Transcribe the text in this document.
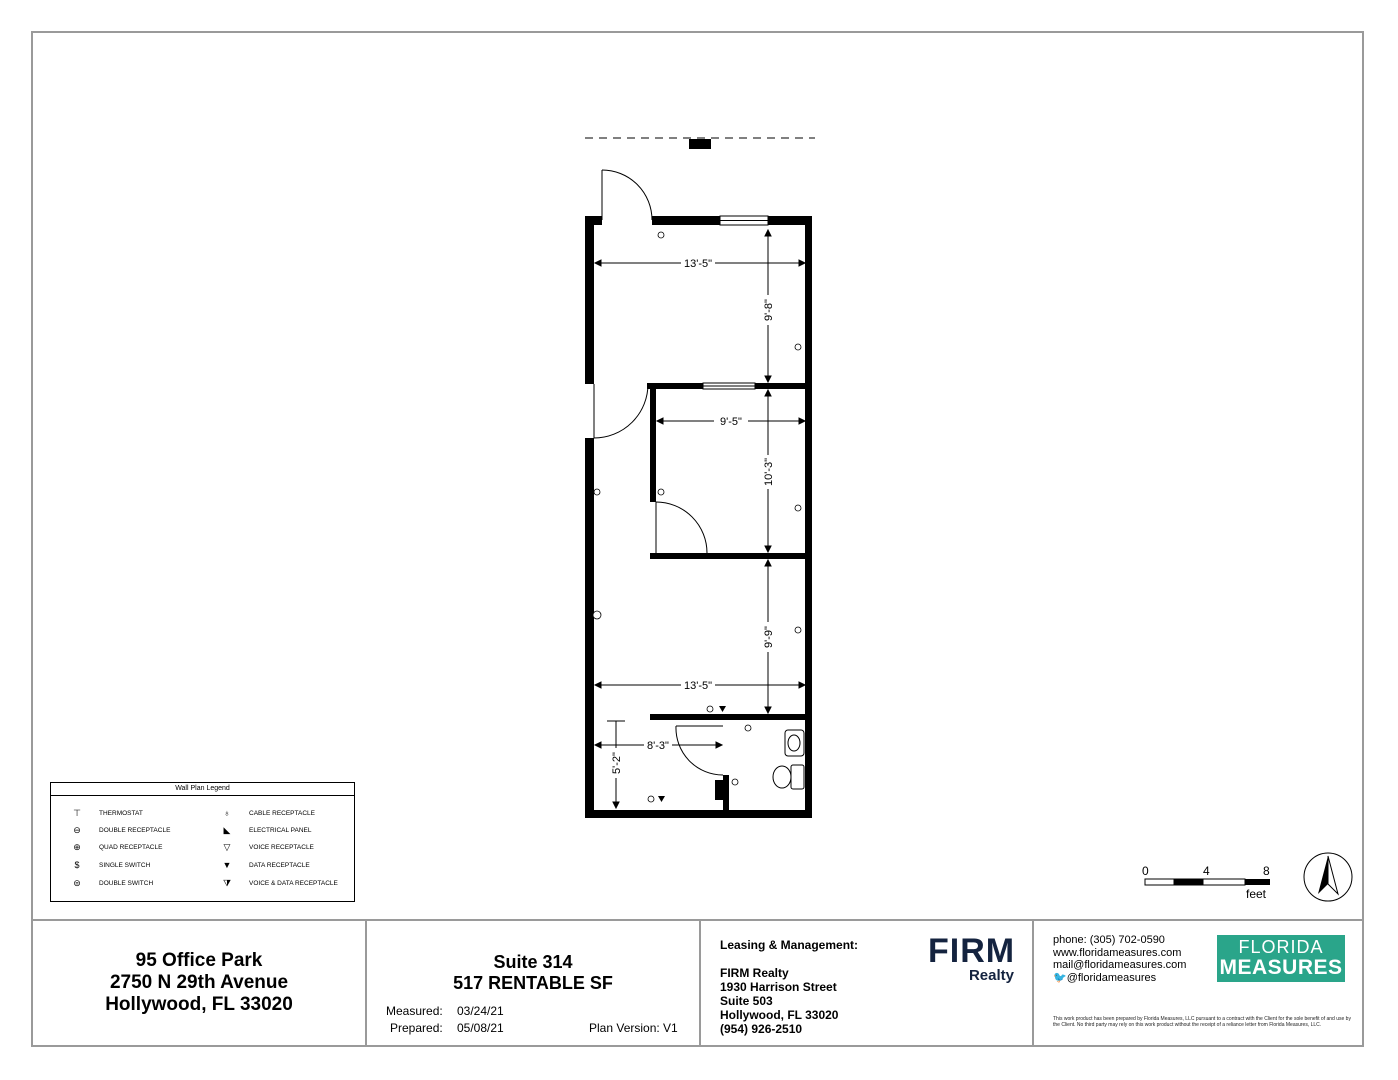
13'-5"
9'-8"
9'-5"
10'-3"
9'-9"
13'-5"
8'-3"
5'-2"
0	4	8
feet
Wall Plan Legend
⊤	THERMOSTAT
⊖	DOUBLE RECEPTACLE
⊕	QUAD RECEPTACLE
$	SINGLE SWITCH
⊜	DOUBLE SWITCH
♁	CABLE RECEPTACLE
◣	ELECTRICAL PANEL
▽	VOICE RECEPTACLE
▼	DATA RECEPTACLE
⧩	VOICE & DATA RECEPTACLE
95 Office Park
2750 N 29th Avenue
Hollywood, FL 33020
Suite 314
517 RENTABLE SF
Measured: 03/24/21
Prepared: 05/08/21	Plan Version: V1
Leasing & Management:
FIRM Realty
1930 Harrison Street
Suite 503
Hollywood, FL 33020
(954) 926-2510
FIRM
Realty
phone: (305) 702-0590
www.floridameasures.com
mail@floridameasures.com
🐦@floridameasures
FLORIDA
MEASURES
This work product has been prepared by Florida Measures, LLC pursuant to a contract with the Client for the sole benefit of and use by the Client. No third party may rely on this work product without the receipt of a reliance letter from Florida Measures, LLC.
